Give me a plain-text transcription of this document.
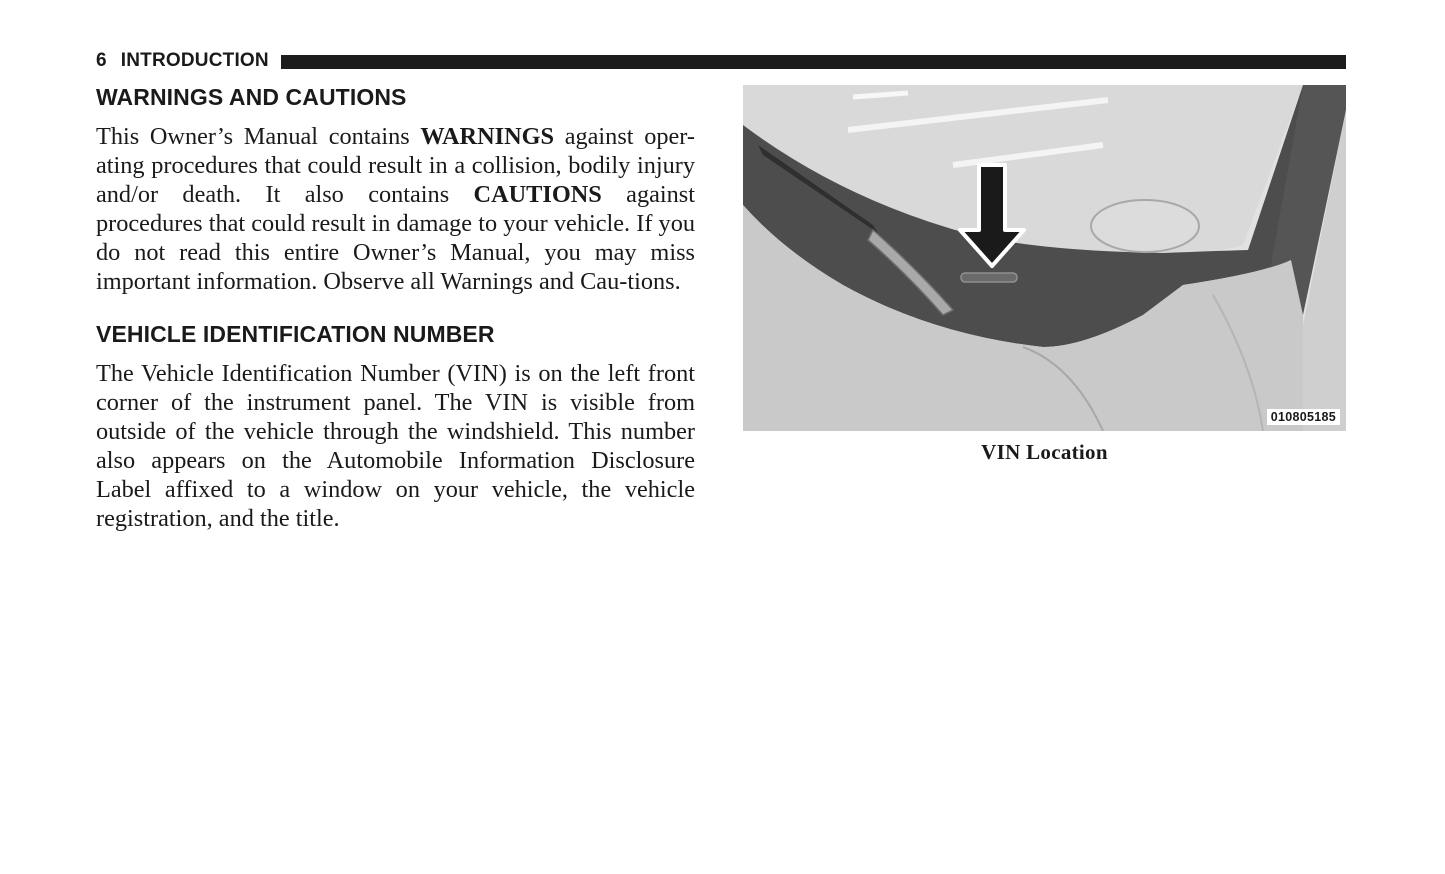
6 INTRODUCTION
WARNINGS AND CAUTIONS

This Owner’s Manual contains WARNINGS against oper-ating procedures that could result in a collision, bodily injury and/or death. It also contains CAUTIONS against procedures that could result in damage to your vehicle. If you do not read this entire Owner’s Manual, you may miss important information. Observe all Warnings and Cau-tions.

VEHICLE IDENTIFICATION NUMBER

The Vehicle Identification Number (VIN) is on the left front corner of the instrument panel. The VIN is visible from outside of the vehicle through the windshield. This number also appears on the Automobile Information Disclosure Label affixed to a window on your vehicle, the vehicle registration, and the title.

010805185
VIN Location
